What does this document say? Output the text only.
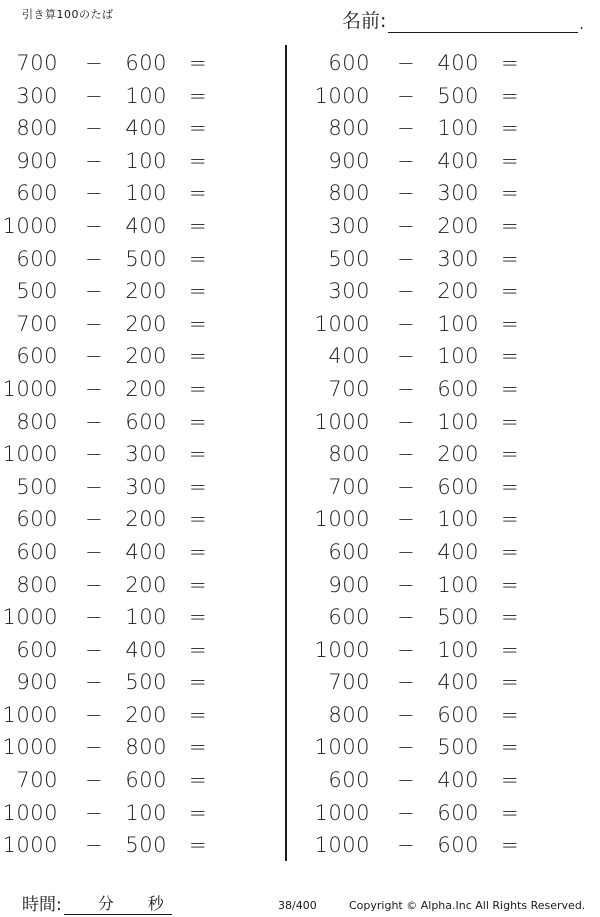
引き算100のたば	名前:	.
700 − 600 =
300 − 100 =
800 − 400 =
900 − 100 =
600 − 100 =
1000 − 400 =
600 − 500 =
500 − 200 =
700 − 200 =
600 − 200 =
1000 − 200 =
800 − 600 =
1000 − 300 =
500 − 300 =
600 − 200 =
600 − 400 =
800 − 200 =
1000 − 100 =
600 − 400 =
900 − 500 =
1000 − 200 =
1000 − 800 =
700 − 600 =
1000 − 100 =
1000 − 500 =
600 − 400 =
1000 − 500 =
800 − 100 =
900 − 400 =
800 − 300 =
300 − 200 =
500 − 300 =
300 − 200 =
1000 − 100 =
400 − 100 =
700 − 600 =
1000 − 100 =
800 − 200 =
700 − 600 =
1000 − 100 =
600 − 400 =
900 − 100 =
600 − 500 =
1000 − 100 =
700 − 400 =
800 − 600 =
1000 − 500 =
600 − 400 =
1000 − 600 =
1000 − 600 =
時間: 分 秒	38/400	Copyright © Alpha.Inc All Rights Reserved.
